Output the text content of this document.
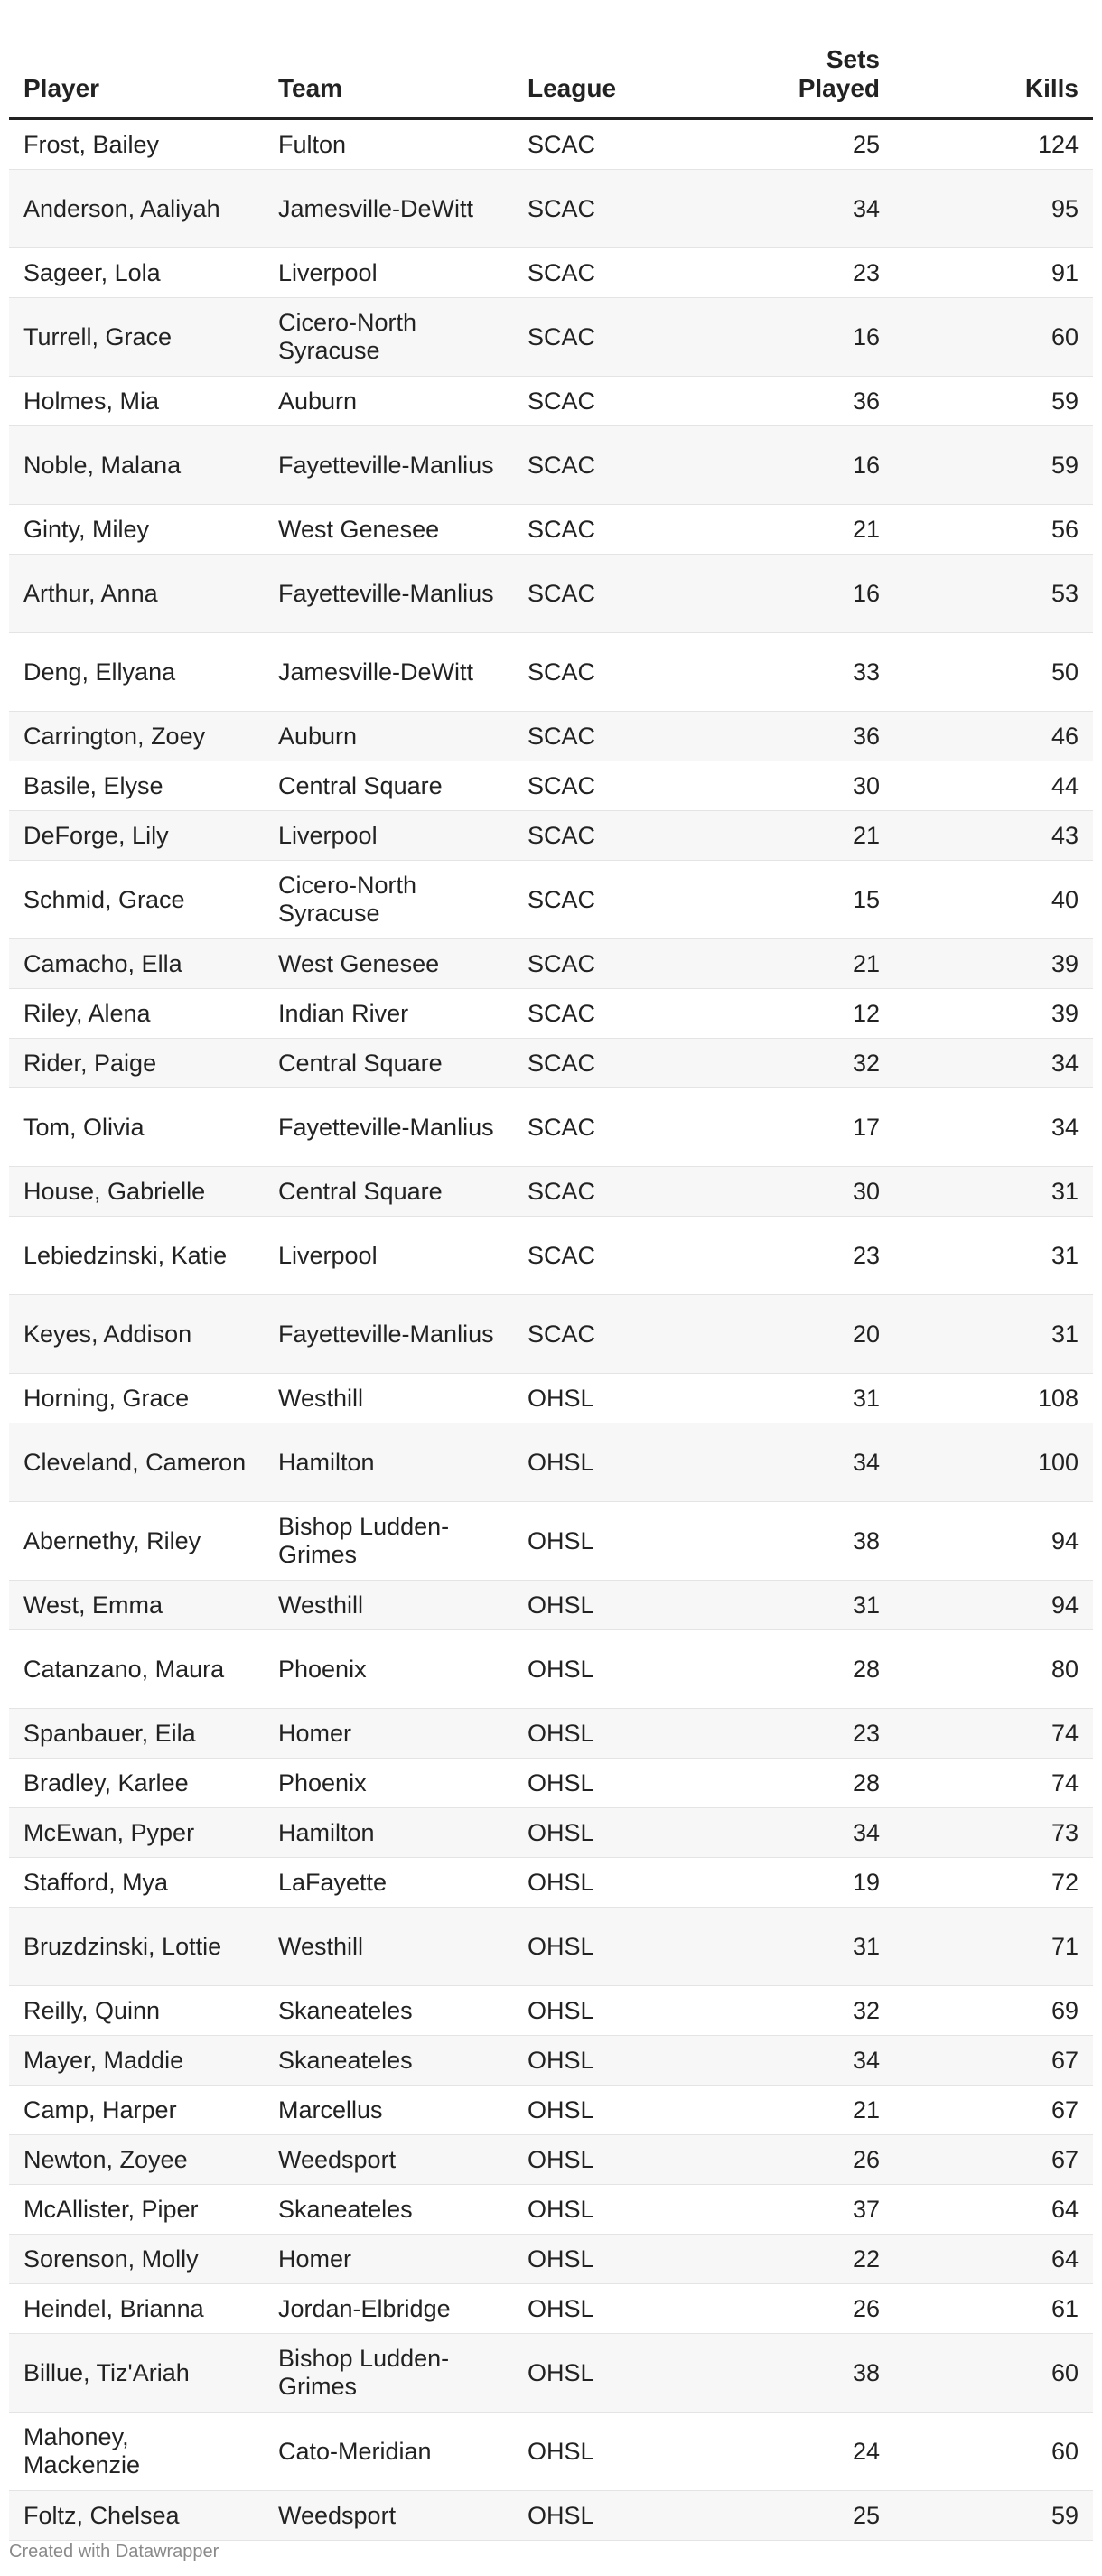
Player	Team	League	Sets Played	Kills
Frost, Bailey	Fulton	SCAC	25	124
Anderson, Aaliyah	Jamesville-DeWitt	SCAC	34	95
Sageer, Lola	Liverpool	SCAC	23	91
Turrell, Grace	Cicero-North Syracuse	SCAC	16	60
Holmes, Mia	Auburn	SCAC	36	59
Noble, Malana	Fayetteville-Manlius	SCAC	16	59
Ginty, Miley	West Genesee	SCAC	21	56
Arthur, Anna	Fayetteville-Manlius	SCAC	16	53
Deng, Ellyana	Jamesville-DeWitt	SCAC	33	50
Carrington, Zoey	Auburn	SCAC	36	46
Basile, Elyse	Central Square	SCAC	30	44
DeForge, Lily	Liverpool	SCAC	21	43
Schmid, Grace	Cicero-North Syracuse	SCAC	15	40
Camacho, Ella	West Genesee	SCAC	21	39
Riley, Alena	Indian River	SCAC	12	39
Rider, Paige	Central Square	SCAC	32	34
Tom, Olivia	Fayetteville-Manlius	SCAC	17	34
House, Gabrielle	Central Square	SCAC	30	31
Lebiedzinski, Katie	Liverpool	SCAC	23	31
Keyes, Addison	Fayetteville-Manlius	SCAC	20	31
Horning, Grace	Westhill	OHSL	31	108
Cleveland, Cameron	Hamilton	OHSL	34	100
Abernethy, Riley	Bishop Ludden-Grimes	OHSL	38	94
West, Emma	Westhill	OHSL	31	94
Catanzano, Maura	Phoenix	OHSL	28	80
Spanbauer, Eila	Homer	OHSL	23	74
Bradley, Karlee	Phoenix	OHSL	28	74
McEwan, Pyper	Hamilton	OHSL	34	73
Stafford, Mya	LaFayette	OHSL	19	72
Bruzdzinski, Lottie	Westhill	OHSL	31	71
Reilly, Quinn	Skaneateles	OHSL	32	69
Mayer, Maddie	Skaneateles	OHSL	34	67
Camp, Harper	Marcellus	OHSL	21	67
Newton, Zoyee	Weedsport	OHSL	26	67
McAllister, Piper	Skaneateles	OHSL	37	64
Sorenson, Molly	Homer	OHSL	22	64
Heindel, Brianna	Jordan-Elbridge	OHSL	26	61
Billue, Tiz'Ariah	Bishop Ludden-Grimes	OHSL	38	60
Mahoney, Mackenzie	Cato-Meridian	OHSL	24	60
Foltz, Chelsea	Weedsport	OHSL	25	59
Created with Datawrapper
